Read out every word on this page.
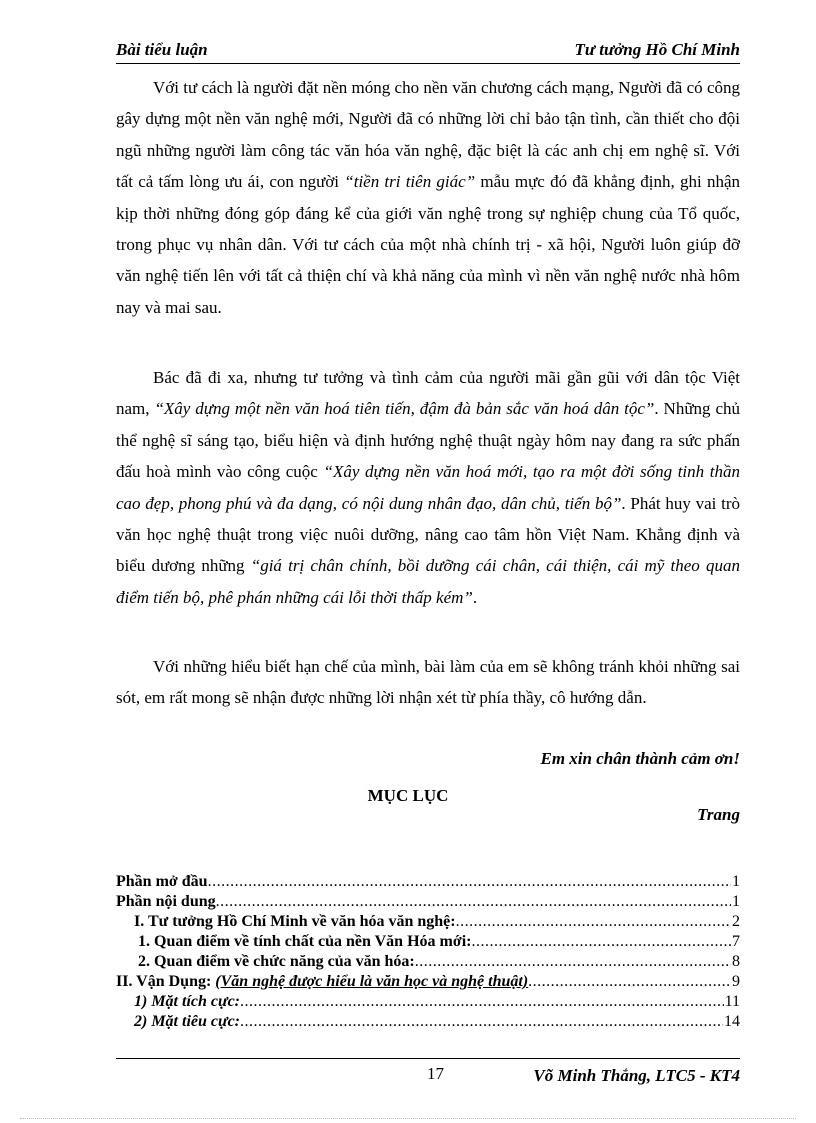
Bài tiểu luận	Tư tưởng Hồ Chí Minh

Với tư cách là người đặt nền móng cho nền văn chương cách mạng, Người đã có công gây dựng một nền văn nghệ mới, Người đã có những lời chỉ bảo tận tình, cần thiết cho đội ngũ những người làm công tác văn hóa văn nghệ, đặc biệt là các anh chị em nghệ sĩ. Với tất cả tấm lòng ưu ái, con người “tiền tri tiên giác” mẫu mực đó đã khẳng định, ghi nhận kịp thời những đóng góp đáng kể của giới văn nghệ trong sự nghiệp chung của Tổ quốc, trong phục vụ nhân dân. Với tư cách của một nhà chính trị - xã hội, Người luôn giúp đỡ văn nghệ tiến lên với tất cả thiện chí và khả năng của mình vì nền văn nghệ nước nhà hôm nay và mai sau.

Bác đã đi xa, nhưng tư tưởng và tình cảm của người mãi gần gũi với dân tộc Việt nam, “Xây dựng một nền văn hoá tiên tiến, đậm đà bản sắc văn hoá dân tộc”. Những chủ thể nghệ sĩ sáng tạo, biểu hiện và định hướng nghệ thuật ngày hôm nay đang ra sức phấn đấu hoà mình vào công cuộc “Xây dựng nền văn hoá mới, tạo ra một đời sống tinh thần cao đẹp, phong phú và đa dạng, có nội dung nhân đạo, dân chủ, tiến bộ”. Phát huy vai trò văn học nghệ thuật trong việc nuôi dưỡng, nâng cao tâm hồn Việt Nam. Khẳng định và biểu dương những “giá trị chân chính, bồi dưỡng cái chân, cái thiện, cái mỹ theo quan điểm tiến bộ, phê phán những cái lỗi thời thấp kém”.

Với những hiểu biết hạn chế của mình, bài làm của em sẽ không tránh khỏi những sai sót, em rất mong sẽ nhận được những lời nhận xét từ phía thầy, cô hướng dẫn.

Em xin chân thành cảm ơn!
MỤC LỤC
Trang
Phần mở đầu .....	1
Phần nội dung .....	1
I. Tư tưởng Hồ Chí Minh về văn hóa văn nghệ: .....	2
1. Quan điểm về tính chất của nền Văn Hóa mới: .....	7
2. Quan điểm về chức năng của văn hóa: .....	8
II. Vận Dụng: (Văn nghệ được hiểu là văn học và nghệ thuật) .....	9
1) Mặt tích cực: .....	11
2) Mặt tiêu cực: .....	14
17	Võ Minh Thắng, LTC5 - KT4
